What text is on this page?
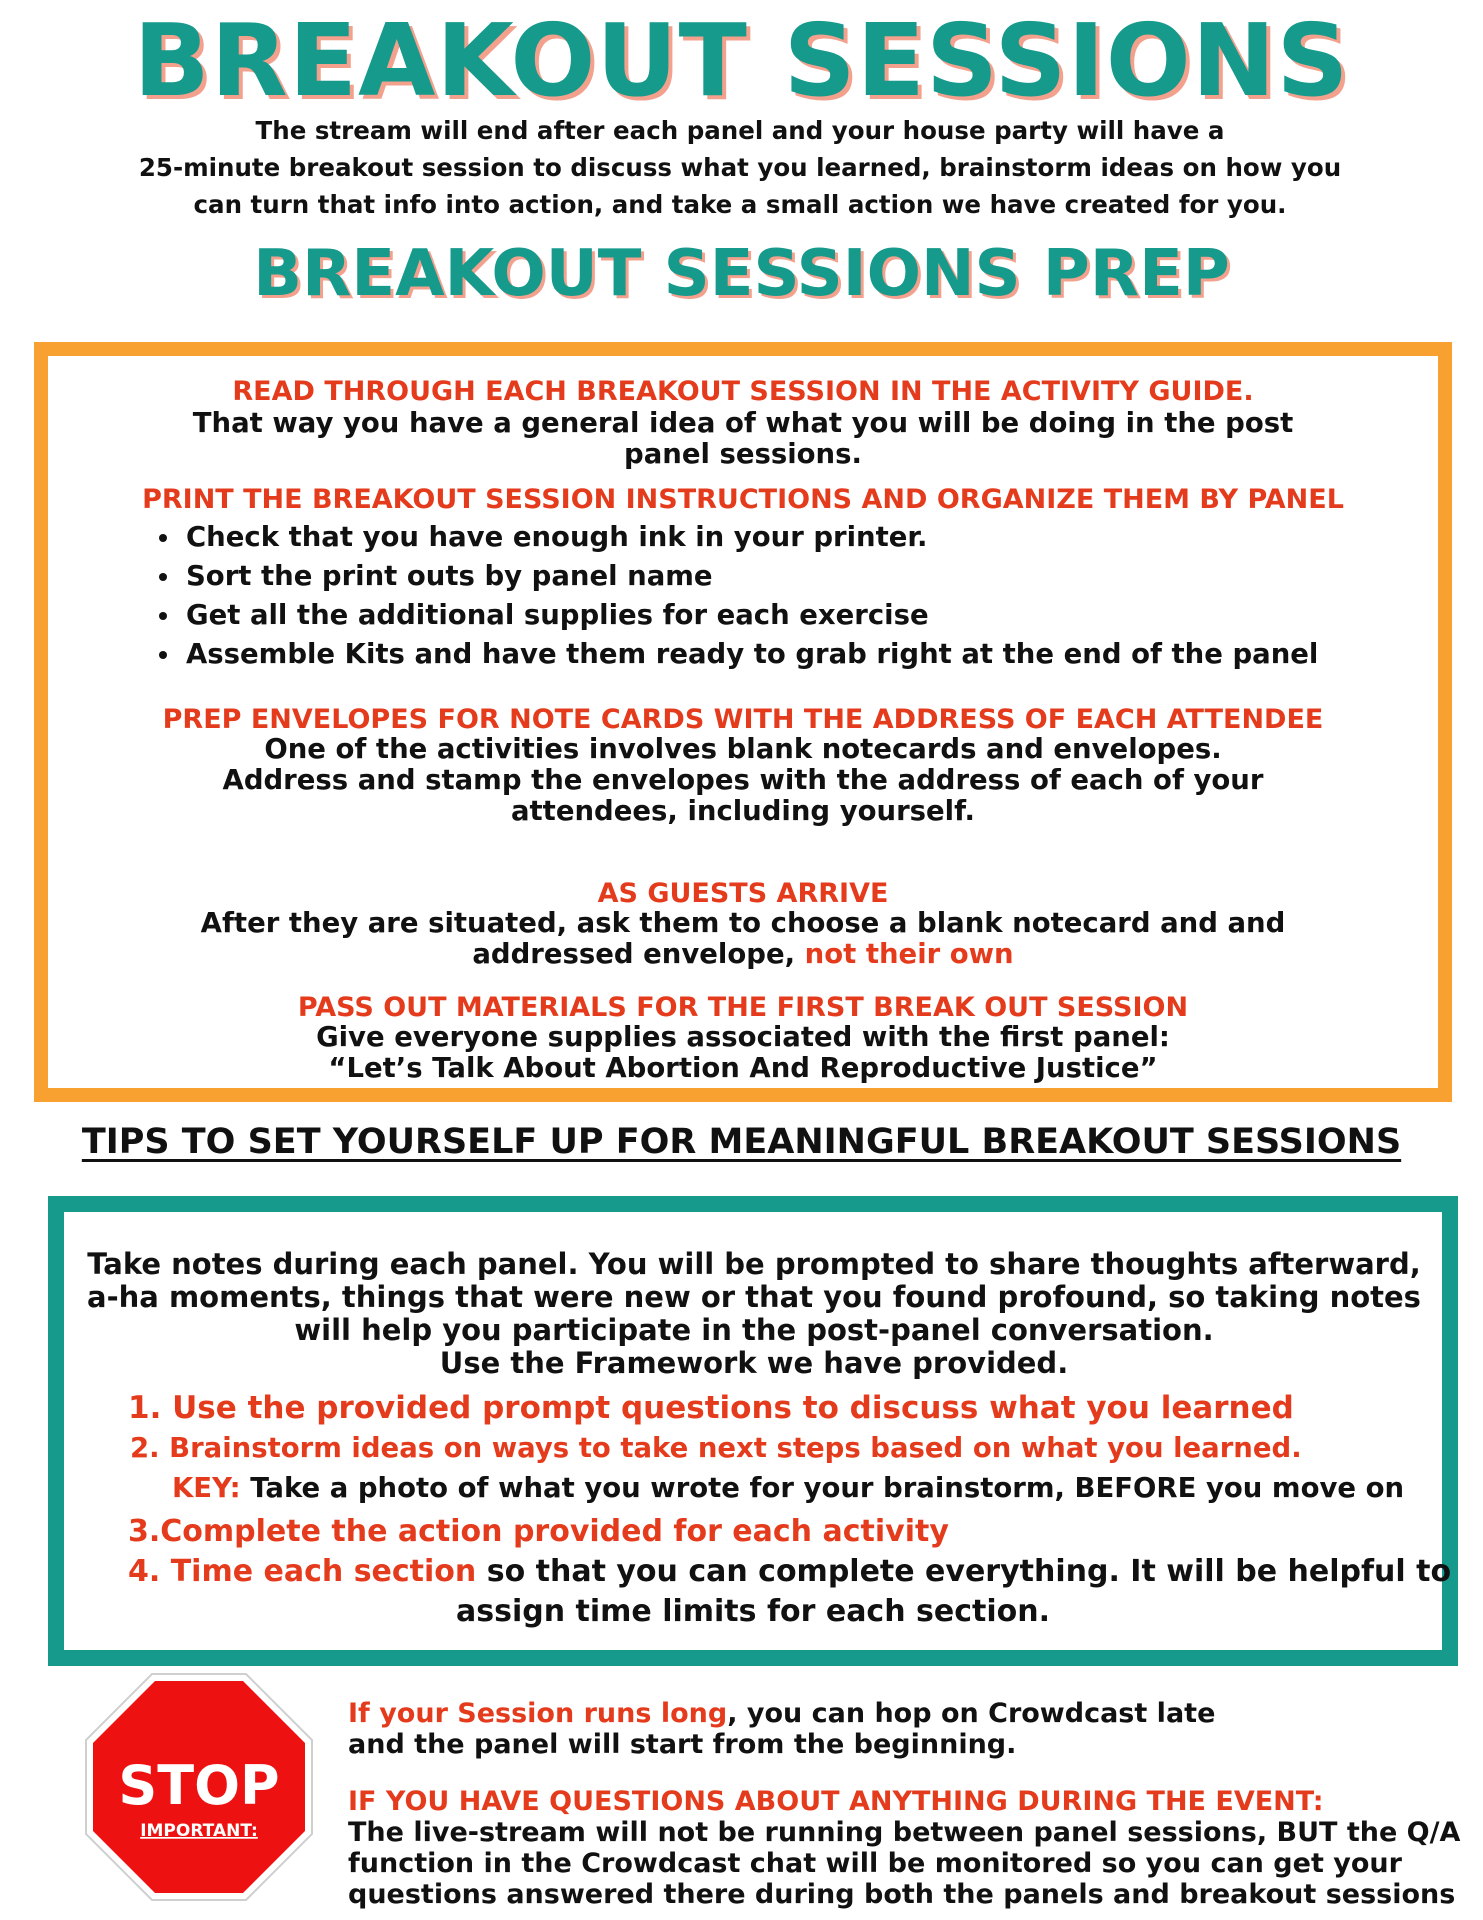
BREAKOUT SESSIONS
The stream will end after each panel and your house party will have a
25-minute breakout session to discuss what you learned, brainstorm ideas on how you
can turn that info into action, and take a small action we have created for you.
BREAKOUT SESSIONS PREP
READ THROUGH EACH BREAKOUT SESSION IN THE ACTIVITY GUIDE.
That way you have a general idea of what you will be doing in the post panel sessions.
PRINT THE BREAKOUT SESSION INSTRUCTIONS AND ORGANIZE THEM BY PANEL
• Check that you have enough ink in your printer.
• Sort the print outs by panel name
• Get all the additional supplies for each exercise
• Assemble Kits and have them ready to grab right at the end of the panel
PREP ENVELOPES FOR NOTE CARDS WITH THE ADDRESS OF EACH ATTENDEE
One of the activities involves blank notecards and envelopes.
Address and stamp the envelopes with the address of each of your attendees, including yourself.
AS GUESTS ARRIVE
After they are situated, ask them to choose a blank notecard and and addressed envelope, not their own
PASS OUT MATERIALS FOR THE FIRST BREAK OUT SESSION
Give everyone supplies associated with the first panel:
“Let’s Talk About Abortion And Reproductive Justice”
TIPS TO SET YOURSELF UP FOR MEANINGFUL BREAKOUT SESSIONS
Take notes during each panel. You will be prompted to share thoughts afterward, a-ha moments, things that were new or that you found profound, so taking notes will help you participate in the post-panel conversation.
Use the Framework we have provided.
1. Use the provided prompt questions to discuss what you learned
2. Brainstorm ideas on ways to take next steps based on what you learned.
KEY: Take a photo of what you wrote for your brainstorm, BEFORE you move on
3.Complete the action provided for each activity
4. Time each section so that you can complete everything. It will be helpful to
assign time limits for each section.
STOP
IMPORTANT:
If your Session runs long, you can hop on Crowdcast late
and the panel will start from the beginning.
IF YOU HAVE QUESTIONS ABOUT ANYTHING DURING THE EVENT:
The live-stream will not be running between panel sessions, BUT the Q/A
function in the Crowdcast chat will be monitored so you can get your
questions answered there during both the panels and breakout sessions
